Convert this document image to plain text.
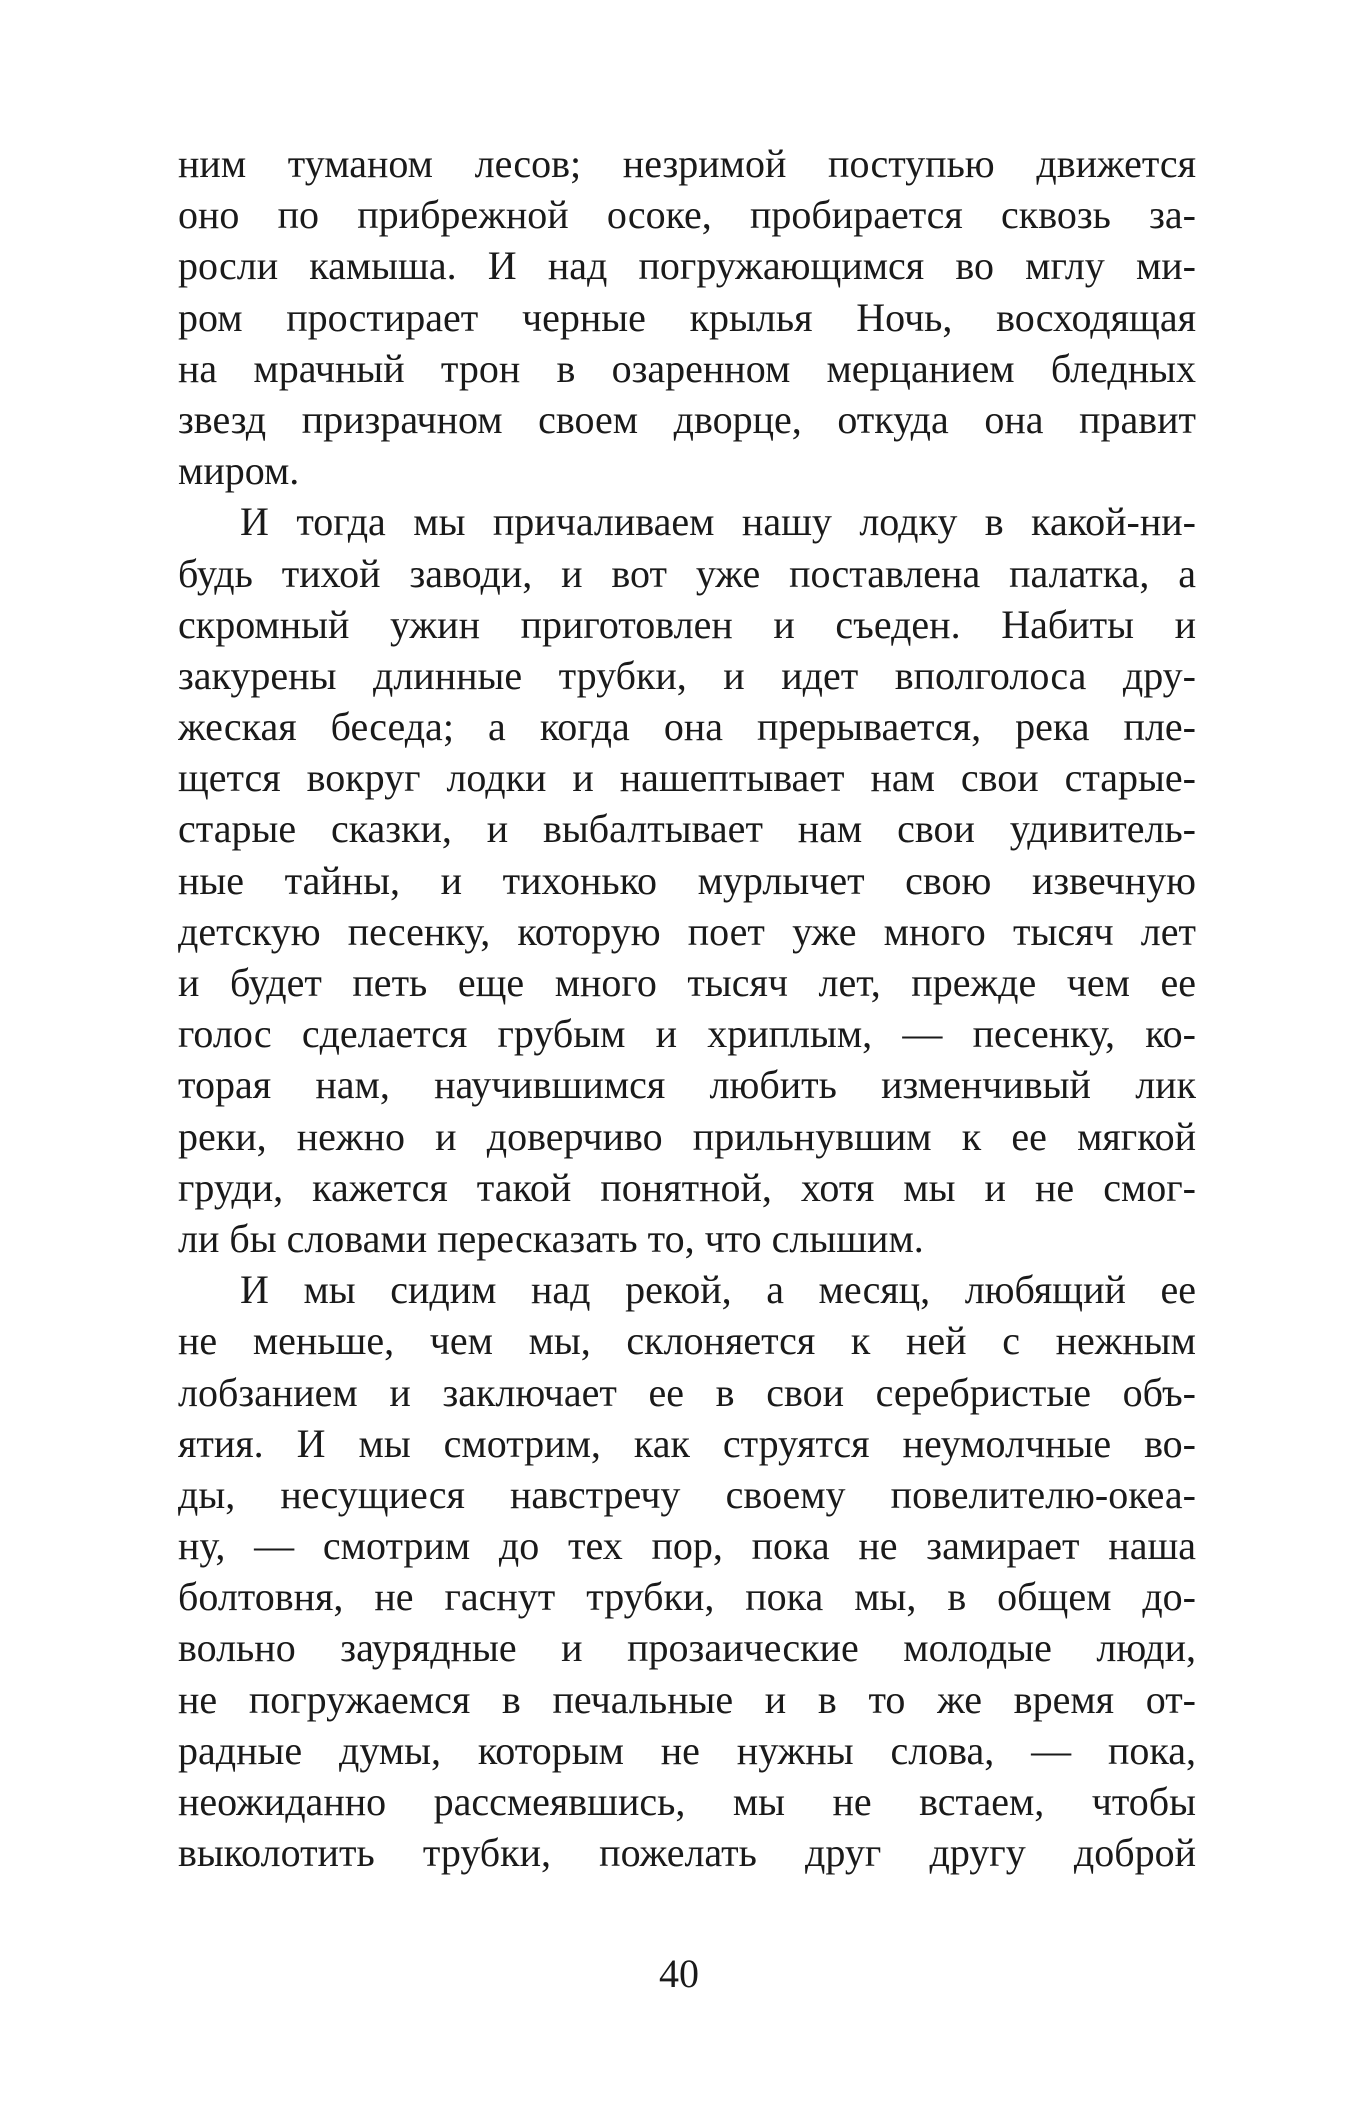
ним туманом лесов; незримой поступью движется
оно по прибрежной осоке, пробирается сквозь за-
росли камыша. И над погружающимся во мглу ми-
ром простирает черные крылья Ночь, восходящая
на мрачный трон в озаренном мерцанием бледных
звезд призрачном своем дворце, откуда она правит
миром.
И тогда мы причаливаем нашу лодку в какой-ни-
будь тихой заводи, и вот уже поставлена палатка, а
скромный ужин приготовлен и съеден. Набиты и
закурены длинные трубки, и идет вполголоса дру-
жеская беседа; а когда она прерывается, река пле-
щется вокруг лодки и нашептывает нам свои старые-
старые сказки, и выбалтывает нам свои удивитель-
ные тайны, и тихонько мурлычет свою извечную
детскую песенку, которую поет уже много тысяч лет
и будет петь еще много тысяч лет, прежде чем ее
голос сделается грубым и хриплым, — песенку, ко-
торая нам, научившимся любить изменчивый лик
реки, нежно и доверчиво прильнувшим к ее мягкой
груди, кажется такой понятной, хотя мы и не смог-
ли бы словами пересказать то, что слышим.
И мы сидим над рекой, а месяц, любящий ее
не меньше, чем мы, склоняется к ней с нежным
лобзанием и заключает ее в свои серебристые объ-
ятия. И мы смотрим, как струятся неумолчные во-
ды, несущиеся навстречу своему повелителю-океа-
ну, — смотрим до тех пор, пока не замирает наша
болтовня, не гаснут трубки, пока мы, в общем до-
вольно заурядные и прозаические молодые люди,
не погружаемся в печальные и в то же время от-
радные думы, которым не нужны слова, — пока,
неожиданно рассмеявшись, мы не встаем, чтобы
выколотить трубки, пожелать друг другу доброй
40
